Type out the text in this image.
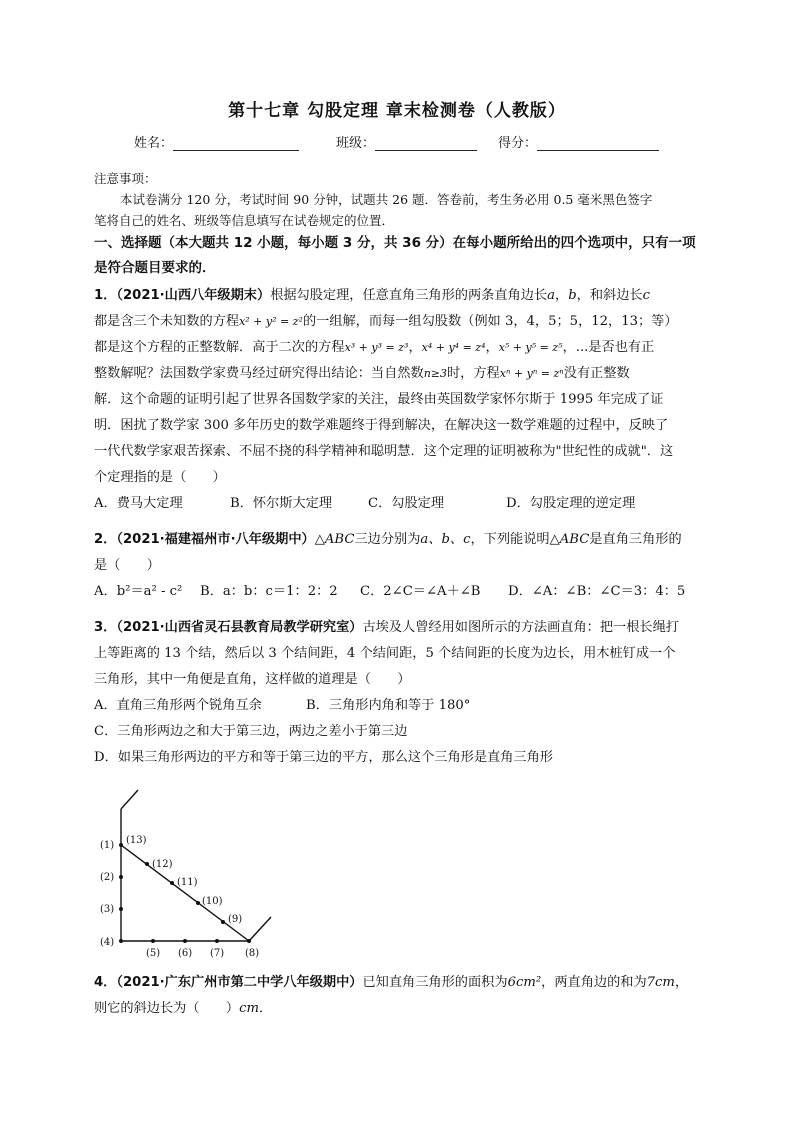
第十七章 勾股定理 章末检测卷（人教版）
姓名：	班级：	得分：
注意事项：
本试卷满分 120 分，考试时间 90 分钟，试题共 26 题．答卷前，考生务必用 0.5 毫米黑色签字
笔将自己的姓名、班级等信息填写在试卷规定的位置．
一、选择题（本大题共 12 小题，每小题 3 分，共 36 分）在每小题所给出的四个选项中，只有一项
是符合题目要求的．
1．（2021·山西八年级期末）根据勾股定理，任意直角三角形的两条直角边长a，b，和斜边长c
都是含三个未知数的方程x² + y² = z²的一组解，而每一组勾股数（例如 3，4，5；5，12，13；等）
都是这个方程的正整数解．高于二次的方程x³ + y³ = z³，x⁴ + y⁴ = z⁴，x⁵ + y⁵ = z⁵，...是否也有正
整数解呢？法国数学家费马经过研究得出结论：当自然数n≥3时，方程xⁿ + yⁿ = zⁿ没有正整数
解．这个命题的证明引起了世界各国数学家的关注，最终由英国数学家怀尔斯于 1995 年完成了证
明．困扰了数学家 300 多年历史的数学难题终于得到解决，在解决这一数学难题的过程中，反映了
一代代数学家艰苦探索、不屈不挠的科学精神和聪明慧．这个定理的证明被称为"世纪性的成就"．这
个定理指的是（　　）
A．费马大定理	B．怀尔斯大定理	C．勾股定理	D．勾股定理的逆定理
2．（2021·福建福州市·八年级期中）△ABC三边分别为a、b、c，下列能说明△ABC是直角三角形的
是（　　）
A．b²＝a² - c²	B．a：b：c＝1：2：2	C．2∠C＝∠A＋∠B	D．∠A：∠B：∠C＝3：4：5
3．（2021·山西省灵石县教育局教学研究室）古埃及人曾经用如图所示的方法画直角：把一根长绳打
上等距离的 13 个结，然后以 3 个结间距，4 个结间距，5 个结间距的长度为边长，用木桩钉成一个
三角形，其中一角便是直角，这样做的道理是（　　）
A．直角三角形两个锐角互余	B．三角形内角和等于 180°
C．三角形两边之和大于第三边，两边之差小于第三边
D．如果三角形两边的平方和等于第三边的平方，那么这个三角形是直角三角形
(1)
(2)
(3)
(4)
(5) (6) (7) (8)
(9)
(10)
(11)
(12)
(13)
4．（2021·广东广州市第二中学八年级期中）已知直角三角形的面积为6cm²，两直角边的和为7cm，
则它的斜边长为（　　）cm．
